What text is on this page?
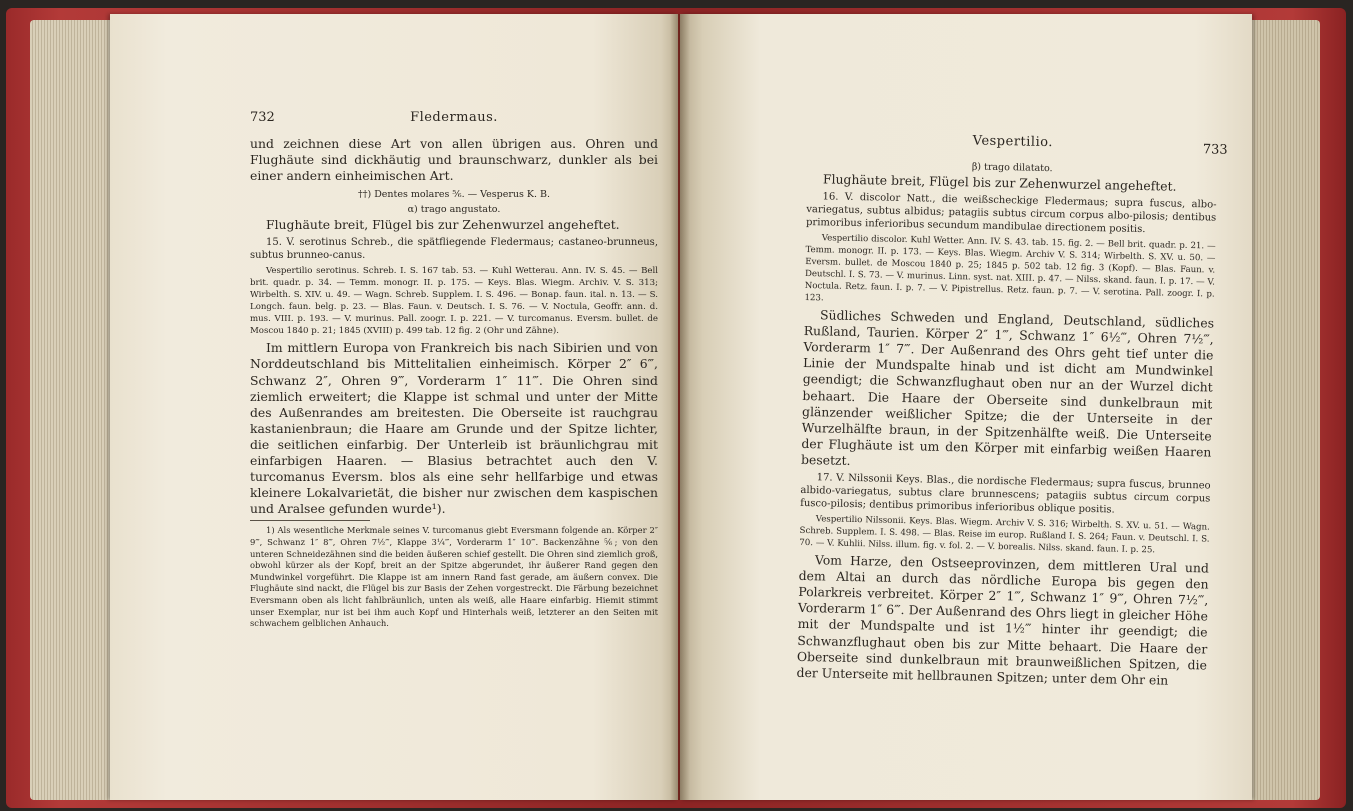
732	Fledermaus.

und zeichnen diese Art von allen übrigen aus. Ohren und Flughäute sind dickhäutig und braunschwarz, dunkler als bei einer andern einheimischen Art.

††) Dentes molares ⅚. — Vesperus K. B.

α) trago angustato.

Flughäute breit, Flügel bis zur Zehenwurzel angeheftet.

15. V. serotinus Schreb., die spätfliegende Fledermaus; castaneo-brunneus, subtus brunneo-canus.

Vespertilio serotinus. Schreb. I. S. 167 tab. 53. — Kuhl Wetterau. Ann. IV. S. 45. — Bell brit. quadr. p. 34. — Temm. monogr. II. p. 175. — Keys. Blas. Wiegm. Archiv. V. S. 313; Wirbelth. S. XIV. u. 49. — Wagn. Schreb. Supplem. I. S. 496. — Bonap. faun. ital. n. 13. — S. Longch. faun. belg. p. 23. — Blas. Faun. v. Deutsch. I. S. 76. — V. Noctula, Geoffr. ann. d. mus. VIII. p. 193. — V. murinus. Pall. zoogr. I. p. 221. — V. turcomanus. Eversm. bullet. de Moscou 1840 p. 21; 1845 (XVIII) p. 499 tab. 12 fig. 2 (Ohr und Zähne).

Im mittlern Europa von Frankreich bis nach Sibirien und von Norddeutschland bis Mittelitalien einheimisch. Körper 2″ 6‴, Schwanz 2″, Ohren 9‴, Vorderarm 1″ 11‴. Die Ohren sind ziemlich erweitert; die Klappe ist schmal und unter der Mitte des Außenrandes am breitesten. Die Oberseite ist rauchgrau kastanienbraun; die Haare am Grunde und der Spitze lichter, die seitlichen einfarbig. Der Unterleib ist bräunlichgrau mit einfarbigen Haaren. — Blasius betrachtet auch den V. turcomanus Eversm. blos als eine sehr hellfarbige und etwas kleinere Lokalvarietät, die bisher nur zwischen dem kaspischen und Aralsee gefunden wurde¹).

1) Als wesentliche Merkmale seines V. turcomanus giebt Eversmann folgende an. Körper 2″ 9‴, Schwanz 1″ 8‴, Ohren 7½‴, Klappe 3¼‴, Vorderarm 1″ 10‴. Backenzähne ⅚; von den unteren Schneidezähnen sind die beiden äußeren schief gestellt. Die Ohren sind ziemlich groß, obwohl kürzer als der Kopf, breit an der Spitze abgerundet, ihr äußerer Rand gegen den Mundwinkel vorgeführt. Die Klappe ist am innern Rand fast gerade, am äußern convex. Die Flughäute sind nackt, die Flügel bis zur Basis der Zehen vorgestreckt. Die Färbung bezeichnet Eversmann oben als licht fahlbräunlich, unten als weiß, alle Haare einfarbig. Hiemit stimmt unser Exemplar, nur ist bei ihm auch Kopf und Hinterhals weiß, letzterer an den Seiten mit schwachem gelblichen Anhauch.

Vespertilio.	733

β) trago dilatato.

Flughäute breit, Flügel bis zur Zehenwurzel angeheftet.

16. V. discolor Natt., die weißscheckige Fledermaus; supra fuscus, albo-variegatus, subtus albidus; patagiis subtus circum corpus albo-pilosis; dentibus primoribus inferioribus secundum mandibulae directionem positis.

Vespertilio discolor. Kuhl Wetter. Ann. IV. S. 43. tab. 15. fig. 2. — Bell brit. quadr. p. 21. — Temm. monogr. II. p. 173. — Keys. Blas. Wiegm. Archiv V. S. 314; Wirbelth. S. XV. u. 50. — Eversm. bullet. de Moscou 1840 p. 25; 1845 p. 502 tab. 12 fig. 3 (Kopf). — Blas. Faun. v. Deutschl. I. S. 73. — V. murinus. Linn. syst. nat. XIII. p. 47. — Nilss. skand. faun. I. p. 17. — V. Noctula. Retz. faun. I. p. 7. — V. Pipistrellus. Retz. faun. p. 7. — V. serotina. Pall. zoogr. I. p. 123.

Südliches Schweden und England, Deutschland, südliches Rußland, Taurien. Körper 2″ 1‴, Schwanz 1″ 6½‴, Ohren 7½‴, Vorderarm 1″ 7‴. Der Außenrand des Ohrs geht tief unter die Linie der Mundspalte hinab und ist dicht am Mundwinkel geendigt; die Schwanzflughaut oben nur an der Wurzel dicht behaart. Die Haare der Oberseite sind dunkelbraun mit glänzender weißlicher Spitze; die der Unterseite in der Wurzelhälfte braun, in der Spitzenhälfte weiß. Die Unterseite der Flughäute ist um den Körper mit einfarbig weißen Haaren besetzt.

17. V. Nilssonii Keys. Blas., die nordische Fledermaus; supra fuscus, brunneo albido-variegatus, subtus clare brunnescens; patagiis subtus circum corpus fusco-pilosis; dentibus primoribus inferioribus oblique positis.

Vespertilio Nilssonii. Keys. Blas. Wiegm. Archiv V. S. 316; Wirbelth. S. XV. u. 51. — Wagn. Schreb. Supplem. I. S. 498. — Blas. Reise im europ. Rußland I. S. 264; Faun. v. Deutschl. I. S. 70. — V. Kuhlii. Nilss. illum. fig. v. fol. 2. — V. borealis. Nilss. skand. faun. I. p. 25.

Vom Harze, den Ostseeprovinzen, dem mittleren Ural und dem Altai an durch das nördliche Europa bis gegen den Polarkreis verbreitet. Körper 2″ 1‴, Schwanz 1″ 9‴, Ohren 7½‴, Vorderarm 1″ 6‴. Der Außenrand des Ohrs liegt in gleicher Höhe mit der Mundspalte und ist 1½‴ hinter ihr geendigt; die Schwanzflughaut oben bis zur Mitte behaart. Die Haare der Oberseite sind dunkelbraun mit braunweißlichen Spitzen, die der Unterseite mit hellbraunen Spitzen; unter dem Ohr ein
